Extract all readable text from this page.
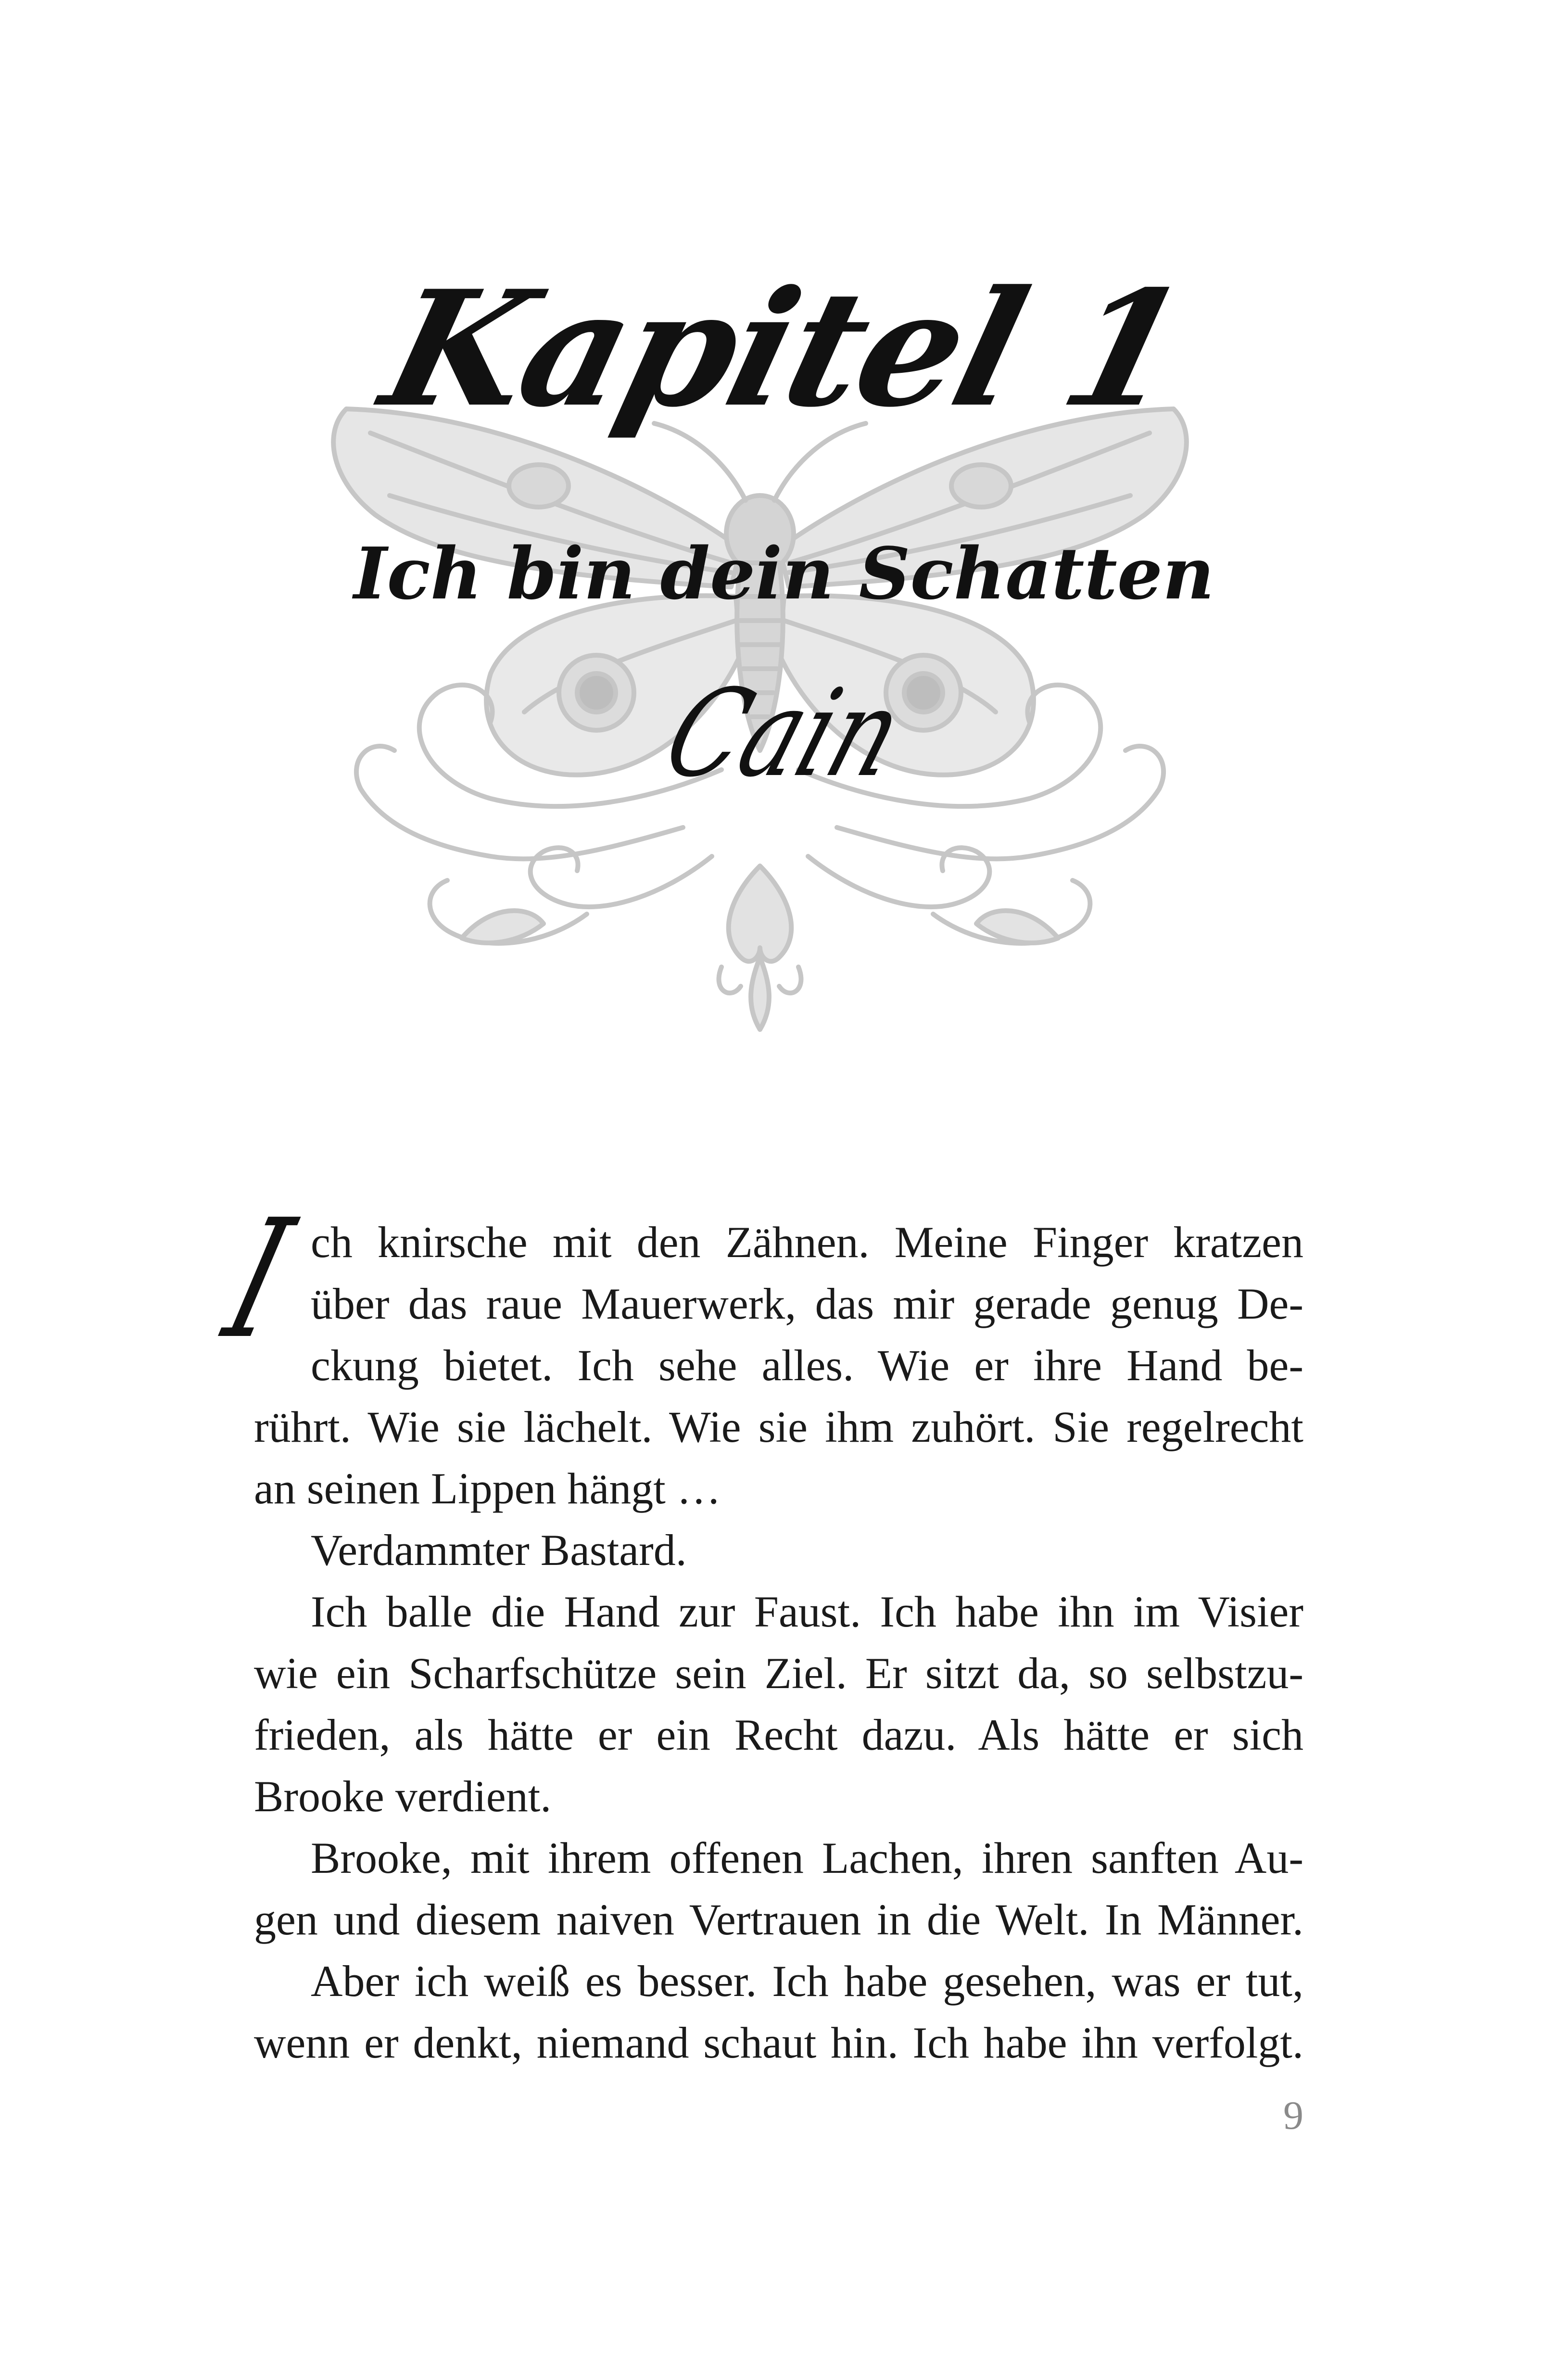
Kapitel 1
Ich bin dein Schatten
Cain
I ch knirsche mit den Zähnen. Meine Finger kratzen
über das raue Mauerwerk, das mir gerade genug De-
ckung bietet. Ich sehe alles. Wie er ihre Hand be-
rührt. Wie sie lächelt. Wie sie ihm zuhört. Sie regelrecht
an seinen Lippen hängt …
Verdammter Bastard.
Ich balle die Hand zur Faust. Ich habe ihn im Visier
wie ein Scharfschütze sein Ziel. Er sitzt da, so selbstzu-
frieden, als hätte er ein Recht dazu. Als hätte er sich
Brooke verdient.
Brooke, mit ihrem offenen Lachen, ihren sanften Au-
gen und diesem naiven Vertrauen in die Welt. In Männer.
Aber ich weiß es besser. Ich habe gesehen, was er tut,
wenn er denkt, niemand schaut hin. Ich habe ihn verfolgt.
9
